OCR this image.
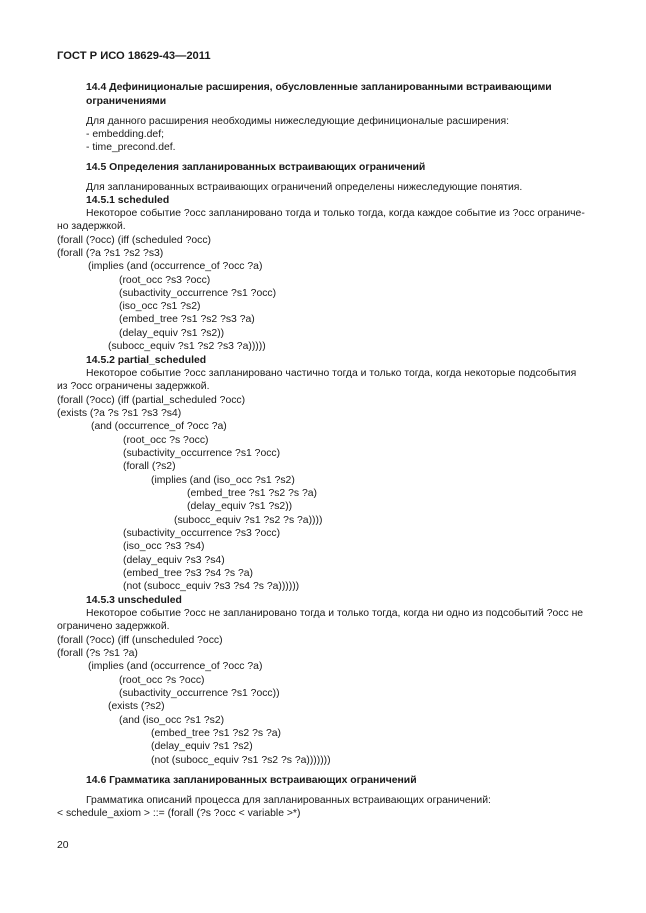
ГОСТ Р ИСО 18629-43—2011
14.4 Дефиниционалые расширения, обусловленные запланированными встраивающими
ограничениями
Для данного расширения необходимы нижеследующие дефиниционалые расширения:
- embedding.def;
- time_precond.def.
14.5 Определения запланированных встраивающих ограничений
Для запланированных встраивающих ограничений определены нижеследующие понятия.
14.5.1 scheduled
Некоторое событие ?occ запланировано тогда и только тогда, когда каждое событие из ?occ ограниче-
но задержкой.
(forall (?occ) (iff (scheduled ?occ)
(forall (?a ?s1 ?s2 ?s3)
(implies (and (occurrence_of ?occ ?a)
(root_occ ?s3 ?occ)
(subactivity_occurrence ?s1 ?occ)
(iso_occ ?s1 ?s2)
(embed_tree ?s1 ?s2 ?s3 ?a)
(delay_equiv ?s1 ?s2))
(subocc_equiv ?s1 ?s2 ?s3 ?a)))))
14.5.2 partial_scheduled
Некоторое событие ?occ запланировано частично тогда и только тогда, когда некоторые подсобытия
из ?occ ограничены задержкой.
(forall (?occ) (iff (partial_scheduled ?occ)
(exists (?a ?s ?s1 ?s3 ?s4)
(and (occurrence_of ?occ ?a)
(root_occ ?s ?occ)
(subactivity_occurrence ?s1 ?occ)
(forall (?s2)
(implies (and (iso_occ ?s1 ?s2)
(embed_tree ?s1 ?s2 ?s ?a)
(delay_equiv ?s1 ?s2))
(subocc_equiv ?s1 ?s2 ?s ?a))))
(subactivity_occurrence ?s3 ?occ)
(iso_occ ?s3 ?s4)
(delay_equiv ?s3 ?s4)
(embed_tree ?s3 ?s4 ?s ?a)
(not (subocc_equiv ?s3 ?s4 ?s ?a))))))
14.5.3 unscheduled
Некоторое событие ?occ не запланировано тогда и только тогда, когда ни одно из подсобытий ?occ не
ограничено задержкой.
(forall (?occ) (iff (unscheduled ?occ)
(forall (?s ?s1 ?a)
(implies (and (occurrence_of ?occ ?a)
(root_occ ?s ?occ)
(subactivity_occurrence ?s1 ?occ))
(exists (?s2)
(and (iso_occ ?s1 ?s2)
(embed_tree ?s1 ?s2 ?s ?a)
(delay_equiv ?s1 ?s2)
(not (subocc_equiv ?s1 ?s2 ?s ?a)))))))
14.6 Грамматика запланированных встраивающих ограничений
Грамматика описаний процесса для запланированных встраивающих ограничений:
< schedule_axiom > ::= (forall (?s ?occ < variable >*)
20
